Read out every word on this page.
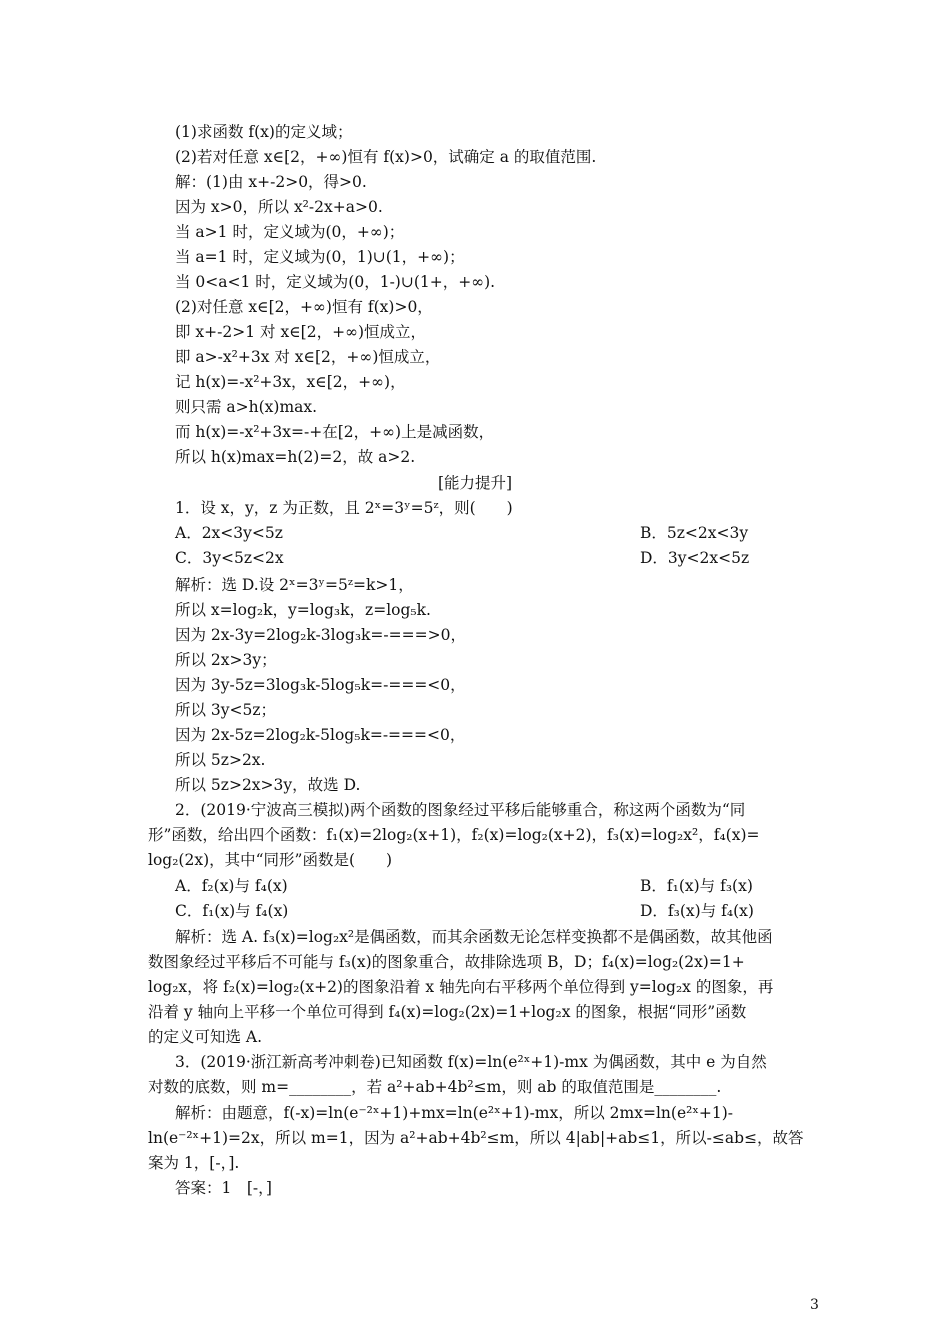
(1)求函数 f(x)的定义域；
(2)若对任意 x∈[2，+∞)恒有 f(x)>0，试确定 a 的取值范围.
解：(1)由 x+-2>0，得>0.
因为 x>0，所以 x²-2x+a>0.
当 a>1 时，定义域为(0，+∞)；
当 a=1 时，定义域为(0，1)∪(1，+∞)；
当 0<a<1 时，定义域为(0，1-)∪(1+，+∞).
(2)对任意 x∈[2，+∞)恒有 f(x)>0，
即 x+-2>1 对 x∈[2，+∞)恒成立，
即 a>-x²+3x 对 x∈[2，+∞)恒成立，
记 h(x)=-x²+3x，x∈[2，+∞)，
则只需 a>h(x)max.
而 h(x)=-x²+3x=-+在[2，+∞)上是减函数，
所以 h(x)max=h(2)=2，故 a>2.
[能力提升]
1．设 x，y，z 为正数，且 2ˣ=3ʸ=5ᶻ，则(　　)
A．2x<3y<5z	B．5z<2x<3y
C．3y<5z<2x	D．3y<2x<5z
解析：选 D.设 2ˣ=3ʸ=5ᶻ=k>1，
所以 x=log₂k，y=log₃k，z=log₅k.
因为 2x-3y=2log₂k-3log₃k=-===>0，
所以 2x>3y；
因为 3y-5z=3log₃k-5log₅k=-===<0，
所以 3y<5z；
因为 2x-5z=2log₂k-5log₅k=-===<0，
所以 5z>2x.
所以 5z>2x>3y，故选 D.
2．(2019·宁波高三模拟)两个函数的图象经过平移后能够重合，称这两个函数为“同
形”函数，给出四个函数：f₁(x)=2log₂(x+1)，f₂(x)=log₂(x+2)，f₃(x)=log₂x²，f₄(x)=
log₂(2x)，其中“同形”函数是(　　)
A．f₂(x)与 f₄(x)	B．f₁(x)与 f₃(x)
C．f₁(x)与 f₄(x)	D．f₃(x)与 f₄(x)
解析：选 A. f₃(x)=log₂x²是偶函数，而其余函数无论怎样变换都不是偶函数，故其他函
数图象经过平移后不可能与 f₃(x)的图象重合，故排除选项 B，D；f₄(x)=log₂(2x)=1+
log₂x，将 f₂(x)=log₂(x+2)的图象沿着 x 轴先向右平移两个单位得到 y=log₂x 的图象，再
沿着 y 轴向上平移一个单位可得到 f₄(x)=log₂(2x)=1+log₂x 的图象，根据“同形”函数
的定义可知选 A.
3．(2019·浙江新高考冲刺卷)已知函数 f(x)=ln(e²ˣ+1)-mx 为偶函数，其中 e 为自然
对数的底数，则 m=________，若 a²+ab+4b²≤m，则 ab 的取值范围是________.
解析：由题意，f(-x)=ln(e⁻²ˣ+1)+mx=ln(e²ˣ+1)-mx，所以 2mx=ln(e²ˣ+1)-
ln(e⁻²ˣ+1)=2x，所以 m=1，因为 a²+ab+4b²≤m，所以 4|ab|+ab≤1，所以-≤ab≤，故答
案为 1，[-，].
答案：1　[-，]
3
